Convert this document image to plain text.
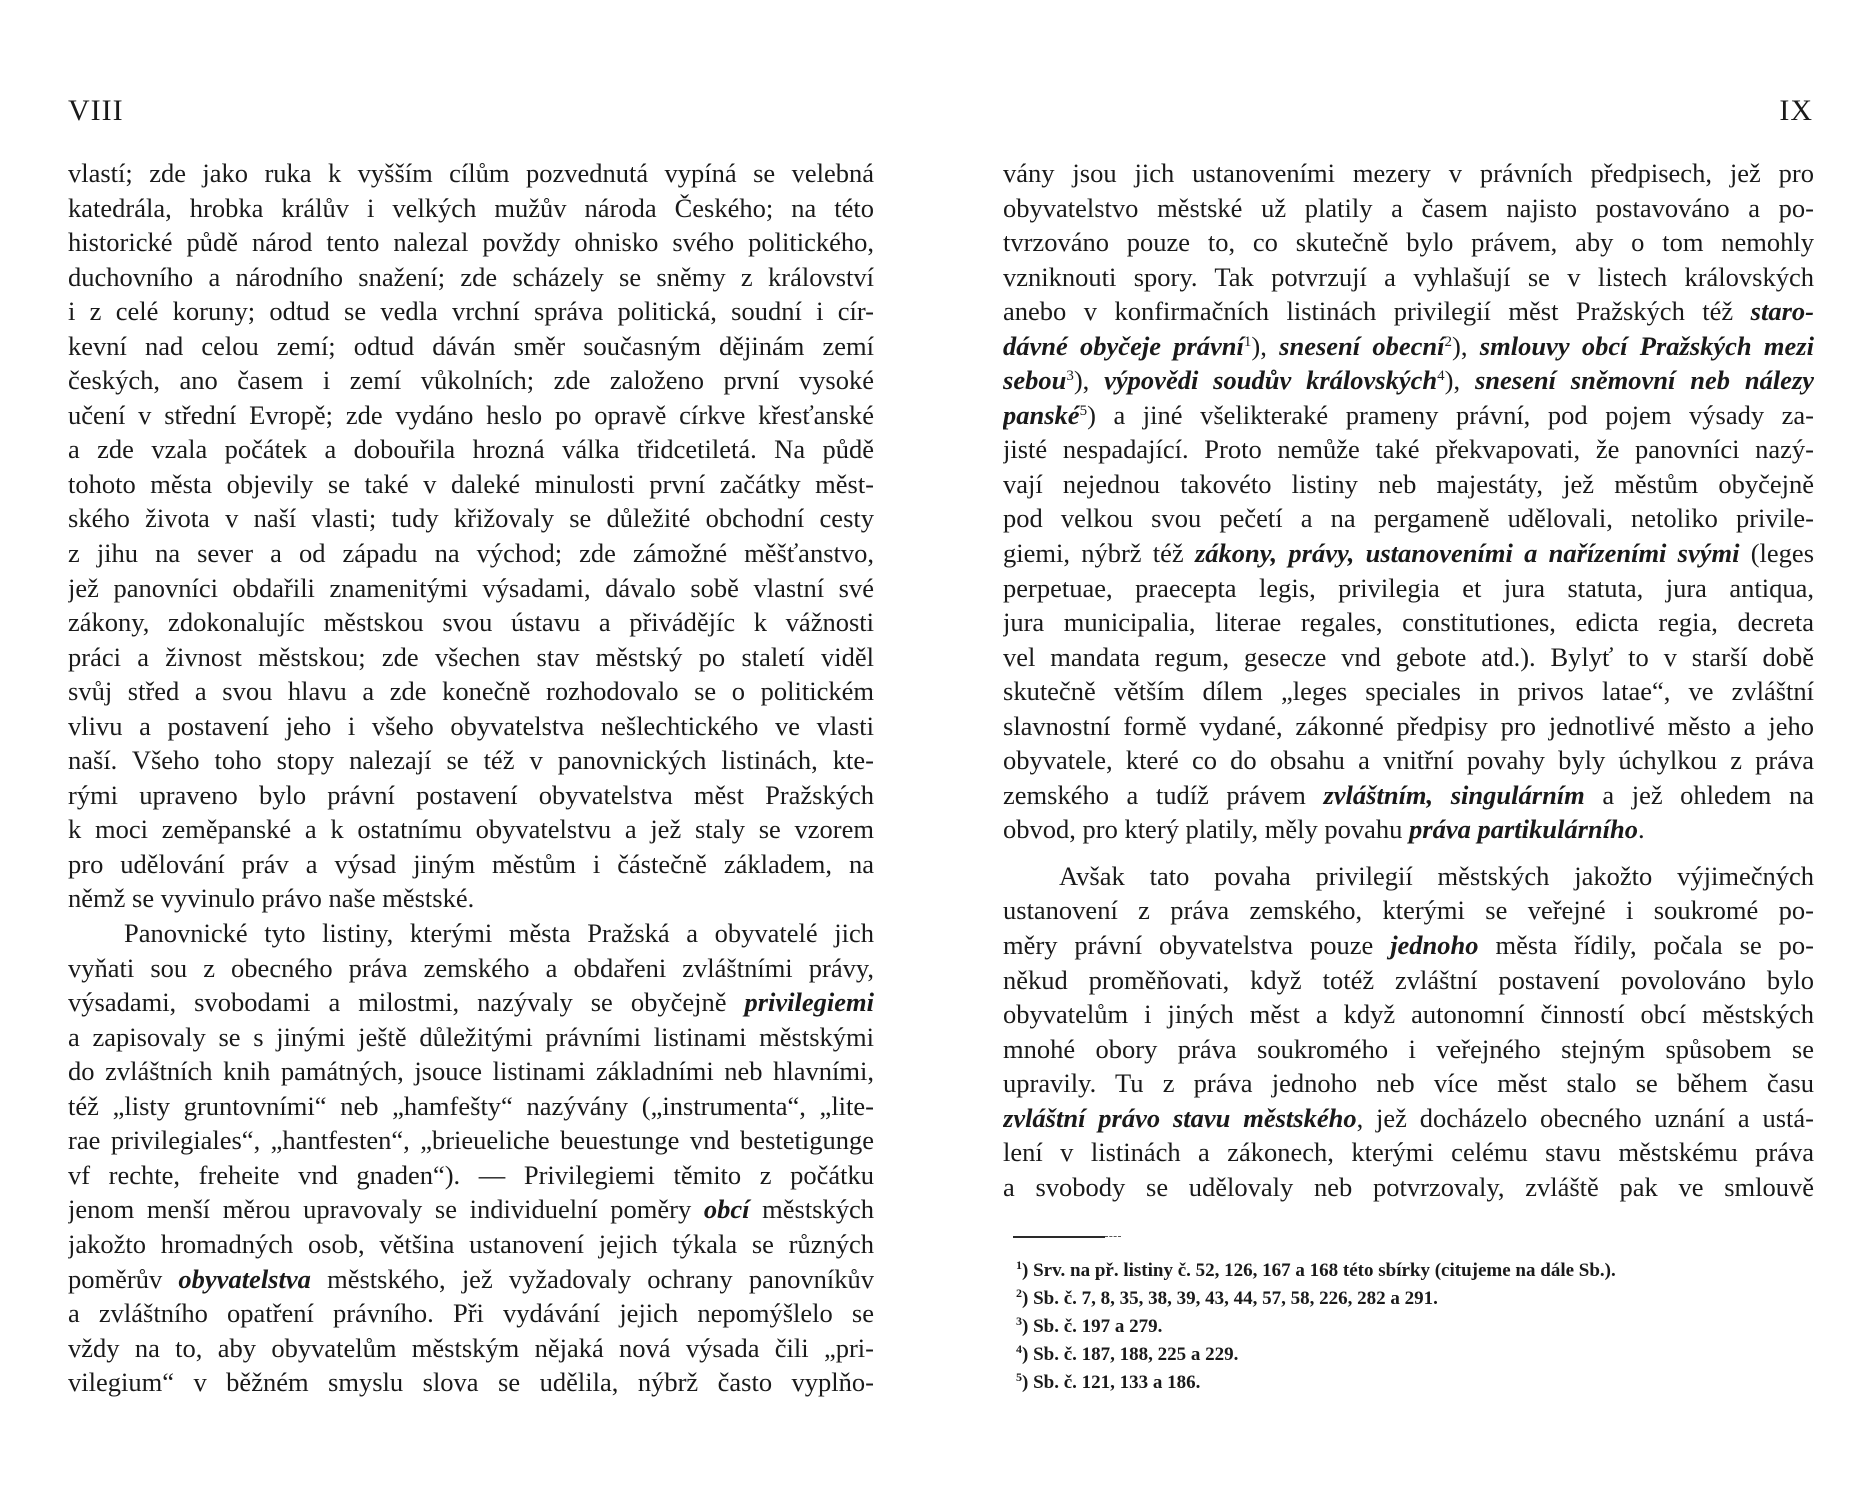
VIII
vlastí; zde jako ruka k vyšším cílům pozvednutá vypíná se velebná
katedrála, hrobka králův i velkých mužův národa Českého; na této
historické půdě národ tento nalezal povždy ohnisko svého politického,
duchovního a národního snažení; zde scházely se sněmy z království
i z celé koruny; odtud se vedla vrchní správa politická, soudní i cír-
kevní nad celou zemí; odtud dáván směr současným dějinám zemí
českých, ano časem i zemí vůkolních; zde založeno první vysoké
učení v střední Evropě; zde vydáno heslo po opravě církve křesťanské
a zde vzala počátek a dobouřila hrozná válka třidcetiletá. Na půdě
tohoto města objevily se také v daleké minulosti první začátky měst-
ského života v naší vlasti; tudy křižovaly se důležité obchodní cesty
z jihu na sever a od západu na východ; zde zámožné měšťanstvo,
jež panovníci obdařili znamenitými výsadami, dávalo sobě vlastní své
zákony, zdokonalujíc městskou svou ústavu a přivádějíc k vážnosti
práci a živnost městskou; zde všechen stav městský po staletí viděl
svůj střed a svou hlavu a zde konečně rozhodovalo se o politickém
vlivu a postavení jeho i všeho obyvatelstva nešlechtického ve vlasti
naší. Všeho toho stopy nalezají se též v panovnických listinách, kte-
rými upraveno bylo právní postavení obyvatelstva měst Pražských
k moci zeměpanské a k ostatnímu obyvatelstvu a jež staly se vzorem
pro udělování práv a výsad jiným městům i částečně základem, na
němž se vyvinulo právo naše městské.
Panovnické tyto listiny, kterými města Pražská a obyvatelé jich
vyňati sou z obecného práva zemského a obdařeni zvláštními právy,
výsadami, svobodami a milostmi, nazývaly se obyčejně privilegiemi
a zapisovaly se s jinými ještě důležitými právními listinami městskými
do zvláštních knih památných, jsouce listinami základními neb hlavními,
též „listy gruntovními“ neb „hamfešty“ nazývány („instrumenta“, „lite-
rae privilegiales“, „hantfesten“, „brieueliche beuestunge vnd bestetigunge
vf rechte, freheite vnd gnaden“). — Privilegiemi těmito z počátku
jenom menší měrou upravovaly se individuelní poměry obcí městských
jakožto hromadných osob, většina ustanovení jejich týkala se různých
poměrův obyvatelstva městského, jež vyžadovaly ochrany panovníkův
a zvláštního opatření právního. Při vydávání jejich nepomýšlelo se
vždy na to, aby obyvatelům městským nějaká nová výsada čili „pri-
vilegium“ v běžném smyslu slova se udělila, nýbrž často vyplňo-
IX
vány jsou jich ustanoveními mezery v právních předpisech, jež pro
obyvatelstvo městské už platily a časem najisto postavováno a po-
tvrzováno pouze to, co skutečně bylo právem, aby o tom nemohly
vzniknouti spory. Tak potvrzují a vyhlašují se v listech královských
anebo v konfirmačních listinách privilegií měst Pražských též staro-
dávné obyčeje právní$^1$), snesení obecní$^2$), smlouvy obcí Pražských mezi
sebou$^3$), výpovědi soudův královských$^4$), snesení sněmovní neb nálezy
panské$^5$) a jiné všelikteraké prameny právní, pod pojem výsady za-
jisté nespadající. Proto nemůže také překvapovati, že panovníci nazý-
vají nejednou takovéto listiny neb majestáty, jež městům obyčejně
pod velkou svou pečetí a na pergameně udělovali, netoliko privile-
giemi, nýbrž též zákony, právy, ustanoveními a nařízeními svými (leges
perpetuae, praecepta legis, privilegia et jura statuta, jura antiqua,
jura municipalia, literae regales, constitutiones, edicta regia, decreta
vel mandata regum, gesecze vnd gebote atd.). Bylyť to v starší době
skutečně větším dílem „leges speciales in privos latae“, ve zvláštní
slavnostní formě vydané, zákonné předpisy pro jednotlivé město a jeho
obyvatele, které co do obsahu a vnitřní povahy byly úchylkou z práva
zemského a tudíž právem zvláštním, singulárním a jež ohledem na
obvod, pro který platily, měly povahu práva partikulárního.
Avšak tato povaha privilegií městských jakožto výjimečných
ustanovení z práva zemského, kterými se veřejné i soukromé po-
měry právní obyvatelstva pouze jednoho města řídily, počala se po-
někud proměňovati, když totéž zvláštní postavení povolováno bylo
obyvatelům i jiných měst a když autonomní činností obcí městských
mnohé obory práva soukromého i veřejného stejným spůsobem se
upravily. Tu z práva jednoho neb více měst stalo se během času
zvláštní právo stavu městského, jež docházelo obecného uznání a ustá-
lení v listinách a zákonech, kterými celému stavu městskému práva
a svobody se udělovaly neb potvrzovaly, zvláště pak ve smlouvě
$^1$) Srv. na př. listiny č. 52, 126, 167 a 168 této sbírky (citujeme na dále Sb.).
$^2$) Sb. č. 7, 8, 35, 38, 39, 43, 44, 57, 58, 226, 282 a 291.
$^3$) Sb. č. 197 a 279.
$^4$) Sb. č. 187, 188, 225 a 229.
$^5$) Sb. č. 121, 133 a 186.
